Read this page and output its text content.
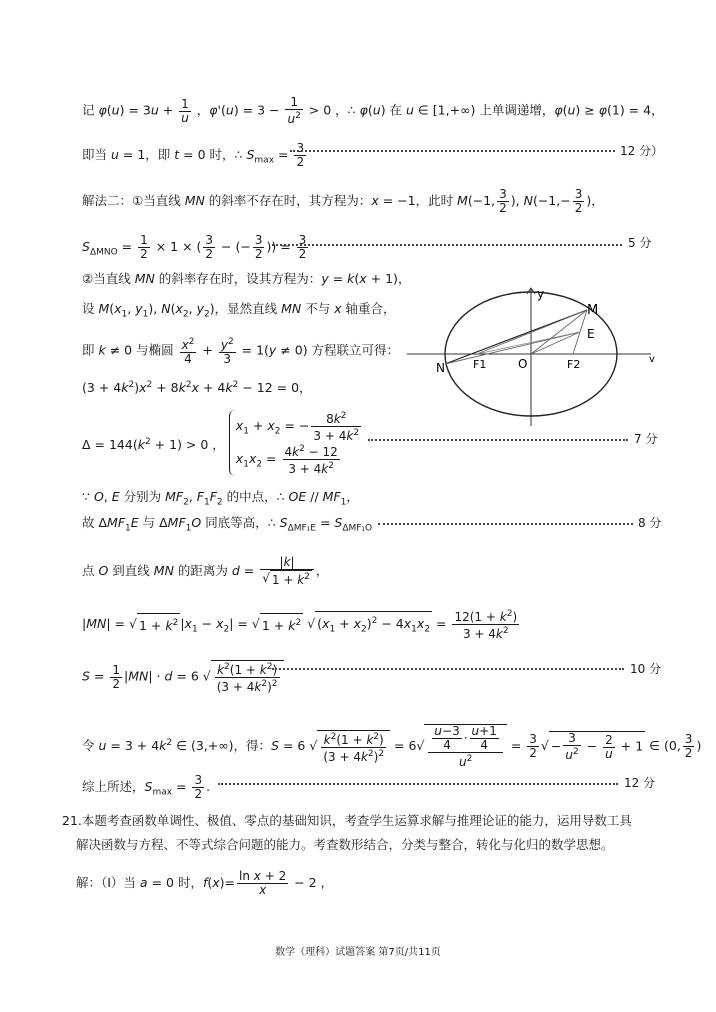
记 $\varphi(u) = 3u + \frac{1}{u}$ ，$\varphi'(u) = 3 - \frac{1}{u^2} > 0$ ，∴ φ(u) 在 u ∈ [1,+∞) 上单调递增，φ(u) ≥ φ(1) = 4，
即当 u = 1，即 t = 0 时，∴ $S_{max} = \frac{3}{2}$	12 分）
解法二：①当直线 MN 的斜率不存在时，其方程为：x = −1，此时 M(−1, $\frac{3}{2}$ ), $N(-1,- \frac{3}{2}$ )，
$S_{\Delta MNO} = \frac{1}{2} \times 1$ × ( $\frac{3}{2}$ − (− $\frac{3}{2}$ )) = $\frac{3}{2}$	5 分
②当直线 MN 的斜率存在时，设其方程为：y = k(x + 1)，
设 $M(x_1$, $y_1$), $N(x_2$, $y_2$)，显然直线 MN 不与 x 轴重合，
即 k ≠ 0 与椭圆 $\frac{x^2}{4} + \frac{y^2}{3} = 1(y \ne 0)$ 方程联立可得：
$(3 + 4k^2)x^2 + 8k^2x + 4k^2 - 12 = 0$，
$\Delta = 144(k^2 + 1) > 0$ ，
$x_1 + x_2$ = − $\frac{8k^2}{3 + 4k^2}$
$x_1x_2 = \frac{4k^2 - 12}{3 + 4k^2}$
7 分
∵ O, E 分别为 $MF_2$, $F_1F_2$ 的中点，∴ OE // $MF_1$，
故 $\Delta MF_1E$ 与 $\Delta MF_1O$ 同底等高，∴ $S_{\Delta MF_1E} = S_{\Delta MF_1O}$	8 分
点 O 到直线 MN 的距离为 $d = \frac{|k|}{√ 1 + k^2}$ ，
|MN| = √ $1 + k^2$ $|x_1 - x_2|$ = √ $1 + k^2$ √ $(x_1 + x_2)^2 - 4x_1x_2 = \frac{12(1 + k^2)}{3 + 4k^2}$
$S = \frac{1}{2} |MN| \cdot d = 6$ √ $\frac{k^2(1 + k^2)}{(3 + 4k^2)^2}$	10 分
令 $u = 3 + 4k^2$ ∈ (3,+∞)，得：S = 6 √ $\frac{k^2(1 + k^2)}{(3 + 4k^2)^2} = 6√ \frac{\frac{u-3}{4} \cdot \frac{u+1}{4}}{u^2} = \frac{3}{2}$ √ − $\frac{3}{u^2} - \frac{2}{u} + 1$ ∈ (0, $\frac{3}{2}$ )
综上所述，$S_{max} = \frac{3}{2}$ .	12 分
21.本题考查函数单调性、极值、零点的基础知识，考查学生运算求解与推理论证的能力，运用导数工具
解决函数与方程、不等式综合问题的能力。考查数形结合，分类与整合，转化与化归的数学思想。
解：（Ⅰ）当 a = 0 时，$f(x)= \frac{\text{ln x + 2}}{x} - 2$ ，
数学（理科）试题答案 第7页/共11页
y
v
M
E
N	F1	O	F2
